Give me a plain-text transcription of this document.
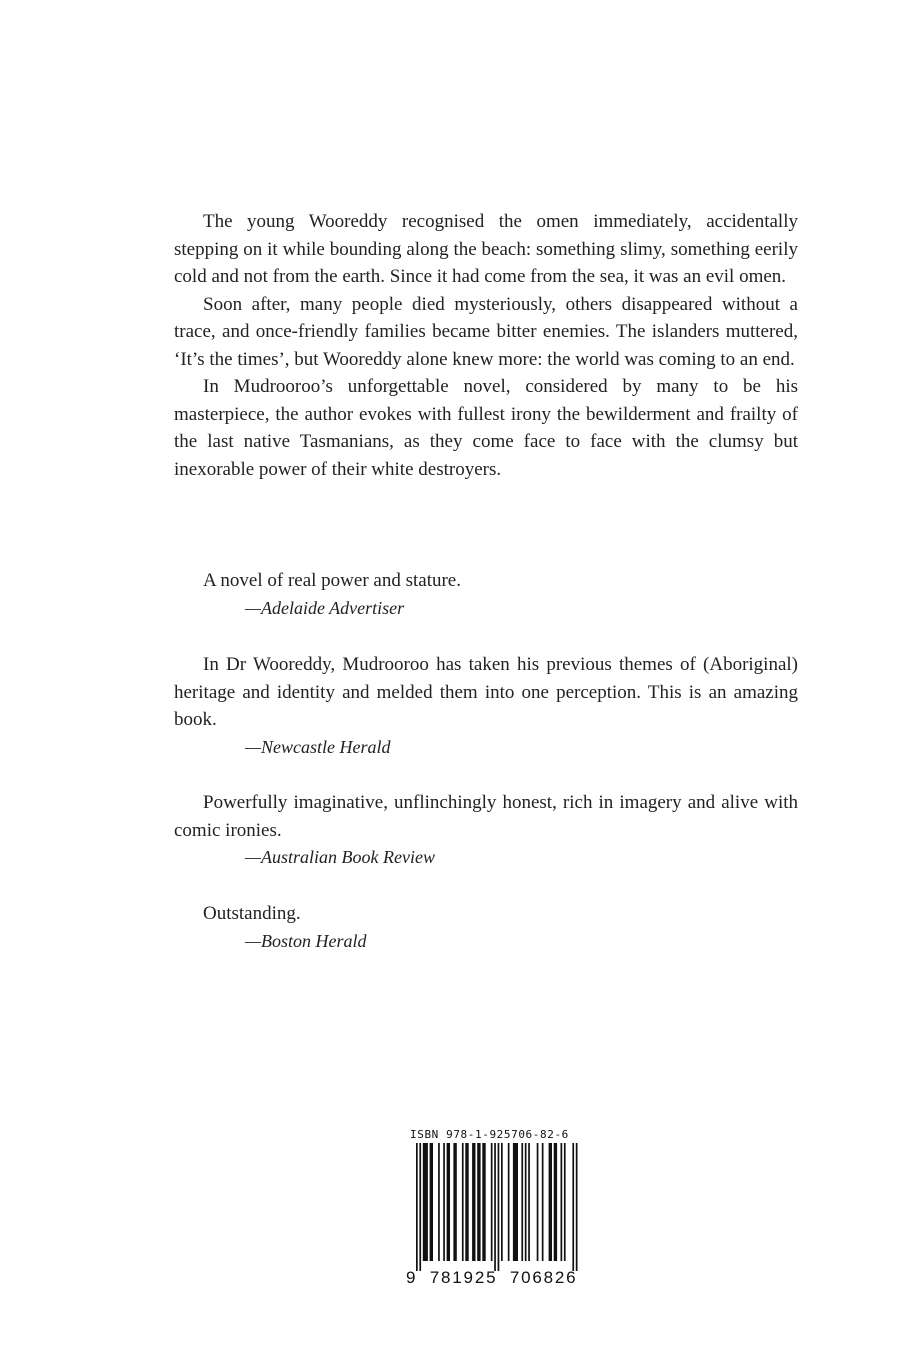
The young Wooreddy recognised the omen immediately, accidentally stepping on it while bounding along the beach: something slimy, something eerily cold and not from the earth. Since it had come from the sea, it was an evil omen.

Soon after, many people died mysteriously, others disappeared without a trace, and once-friendly families became bitter enemies. The islanders muttered, ‘It’s the times’, but Wooreddy alone knew more: the world was coming to an end.

In Mudrooroo’s unforgettable novel, considered by many to be his masterpiece, the author evokes with fullest irony the bewilderment and frailty of the last native Tasmanians, as they come face to face with the clumsy but inexorable power of their white destroyers.

A novel of real power and stature.

—Adelaide Advertiser

In Dr Wooreddy, Mudrooroo has taken his previous themes of (Aboriginal) heritage and identity and melded them into one perception. This is an amazing book.

—Newcastle Herald

Powerfully imaginative, unflinchingly honest, rich in imagery and alive with comic ironies.

—Australian Book Review

Outstanding.

—Boston Herald

ISBN 978-1-925706-82-6
9 781925 706826
